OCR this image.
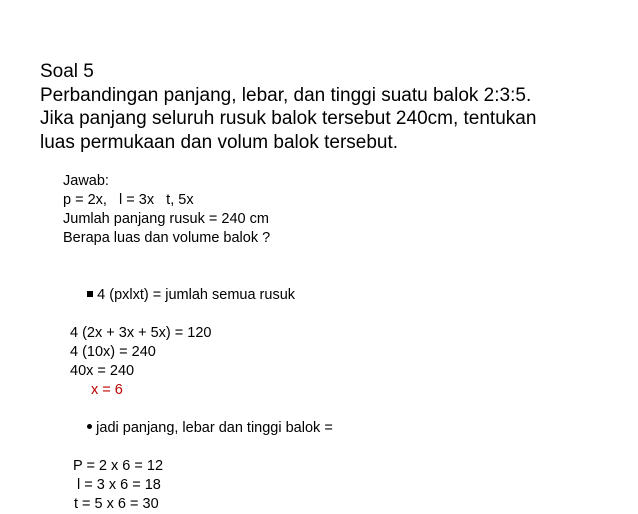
Soal 5
Perbandingan panjang, lebar, dan tinggi suatu balok 2:3:5.
Jika panjang seluruh rusuk balok tersebut 240cm, tentukan
luas permukaan dan volum balok tersebut.
Jawab:
p = 2x,   l = 3x   t, 5x
Jumlah panjang rusuk = 240 cm
Berapa luas dan volume balok ?

4 (pxlxt) = jumlah semua rusuk

4 (2x + 3x + 5x) = 120
4 (10x) = 240
40x = 240
x = 6

jadi panjang, lebar dan tinggi balok =

P = 2 x 6 = 12
l = 3 x 6 = 18
t = 5 x 6 = 30
